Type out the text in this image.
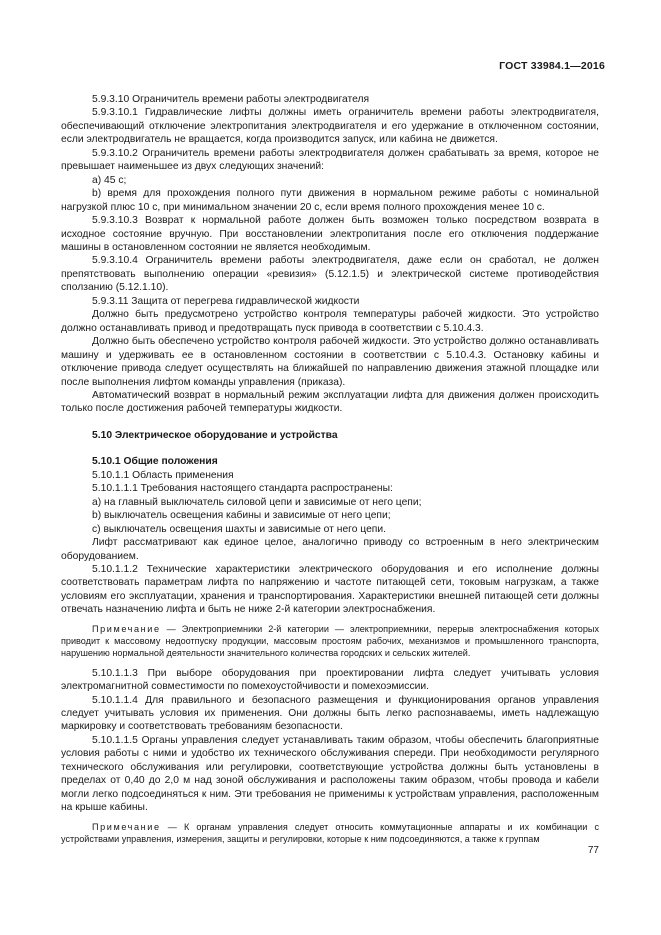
ГОСТ 33984.1—2016

5.9.3.10 Ограничитель времени работы электродвигателя

5.9.3.10.1 Гидравлические лифты должны иметь ограничитель времени работы электродвигателя, обеспечивающий отключение электропитания электродвигателя и его удержание в отключенном состоянии, если электродвигатель не вращается, когда производится запуск, или кабина не движется.

5.9.3.10.2 Ограничитель времени работы электродвигателя должен срабатывать за время, которое не превышает наименьшее из двух следующих значений:

а) 45 с;

b) время для прохождения полного пути движения в нормальном режиме работы с номинальной нагрузкой плюс 10 с, при минимальном значении 20 с, если время полного прохождения менее 10 с.

5.9.3.10.3 Возврат к нормальной работе должен быть возможен только посредством возврата в исходное состояние вручную. При восстановлении электропитания после его отключения поддержание машины в остановленном состоянии не является необходимым.

5.9.3.10.4 Ограничитель времени работы электродвигателя, даже если он сработал, не должен препятствовать выполнению операции «ревизия» (5.12.1.5) и электрической системе противодействия сползанию (5.12.1.10).

5.9.3.11 Защита от перегрева гидравлической жидкости

Должно быть предусмотрено устройство контроля температуры рабочей жидкости. Это устройство должно останавливать привод и предотвращать пуск привода в соответствии с 5.10.4.3.

Должно быть обеспечено устройство контроля рабочей жидкости. Это устройство должно останавливать машину и удерживать ее в остановленном состоянии в соответствии с 5.10.4.3. Остановку кабины и отключение привода следует осуществлять на ближайшей по направлению движения этажной площадке или после выполнения лифтом команды управления (приказа).

Автоматический возврат в нормальный режим эксплуатации лифта для движения должен происходить только после достижения рабочей температуры жидкости.

5.10 Электрическое оборудование и устройства

5.10.1 Общие положения

5.10.1.1 Область применения

5.10.1.1.1 Требования настоящего стандарта распространены:

а) на главный выключатель силовой цепи и зависимые от него цепи;

b) выключатель освещения кабины и зависимые от него цепи;

c) выключатель освещения шахты и зависимые от него цепи.

Лифт рассматривают как единое целое, аналогично приводу со встроенным в него электрическим оборудованием.

5.10.1.1.2 Технические характеристики электрического оборудования и его исполнение должны соответствовать параметрам лифта по напряжению и частоте питающей сети, токовым нагрузкам, а также условиям его эксплуатации, хранения и транспортирования. Характеристики внешней питающей сети должны отвечать назначению лифта и быть не ниже 2-й категории электроснабжения.

Примечание — Электроприемники 2-й категории — электроприемники, перерыв электроснабжения которых приводит к массовому недоотпуску продукции, массовым простоям рабочих, механизмов и промышленного транспорта, нарушению нормальной деятельности значительного количества городских и сельских жителей.

5.10.1.1.3 При выборе оборудования при проектировании лифта следует учитывать условия электромагнитной совместимости по помехоустойчивости и помехоэмиссии.

5.10.1.1.4 Для правильного и безопасного размещения и функционирования органов управления следует учитывать условия их применения. Они должны быть легко распознаваемы, иметь надлежащую маркировку и соответствовать требованиям безопасности.

5.10.1.1.5 Органы управления следует устанавливать таким образом, чтобы обеспечить благоприятные условия работы с ними и удобство их технического обслуживания спереди. При необходимости регулярного технического обслуживания или регулировки, соответствующие устройства должны быть установлены в пределах от 0,40 до 2,0 м над зоной обслуживания и расположены таким образом, чтобы провода и кабели могли легко подсоединяться к ним. Эти требования не применимы к устройствам управления, расположенным на крыше кабины.

Примечание — К органам управления следует относить коммутационные аппараты и их комбинации с устройствами управления, измерения, защиты и регулировки, которые к ним подсоединяются, а также к группам

77
